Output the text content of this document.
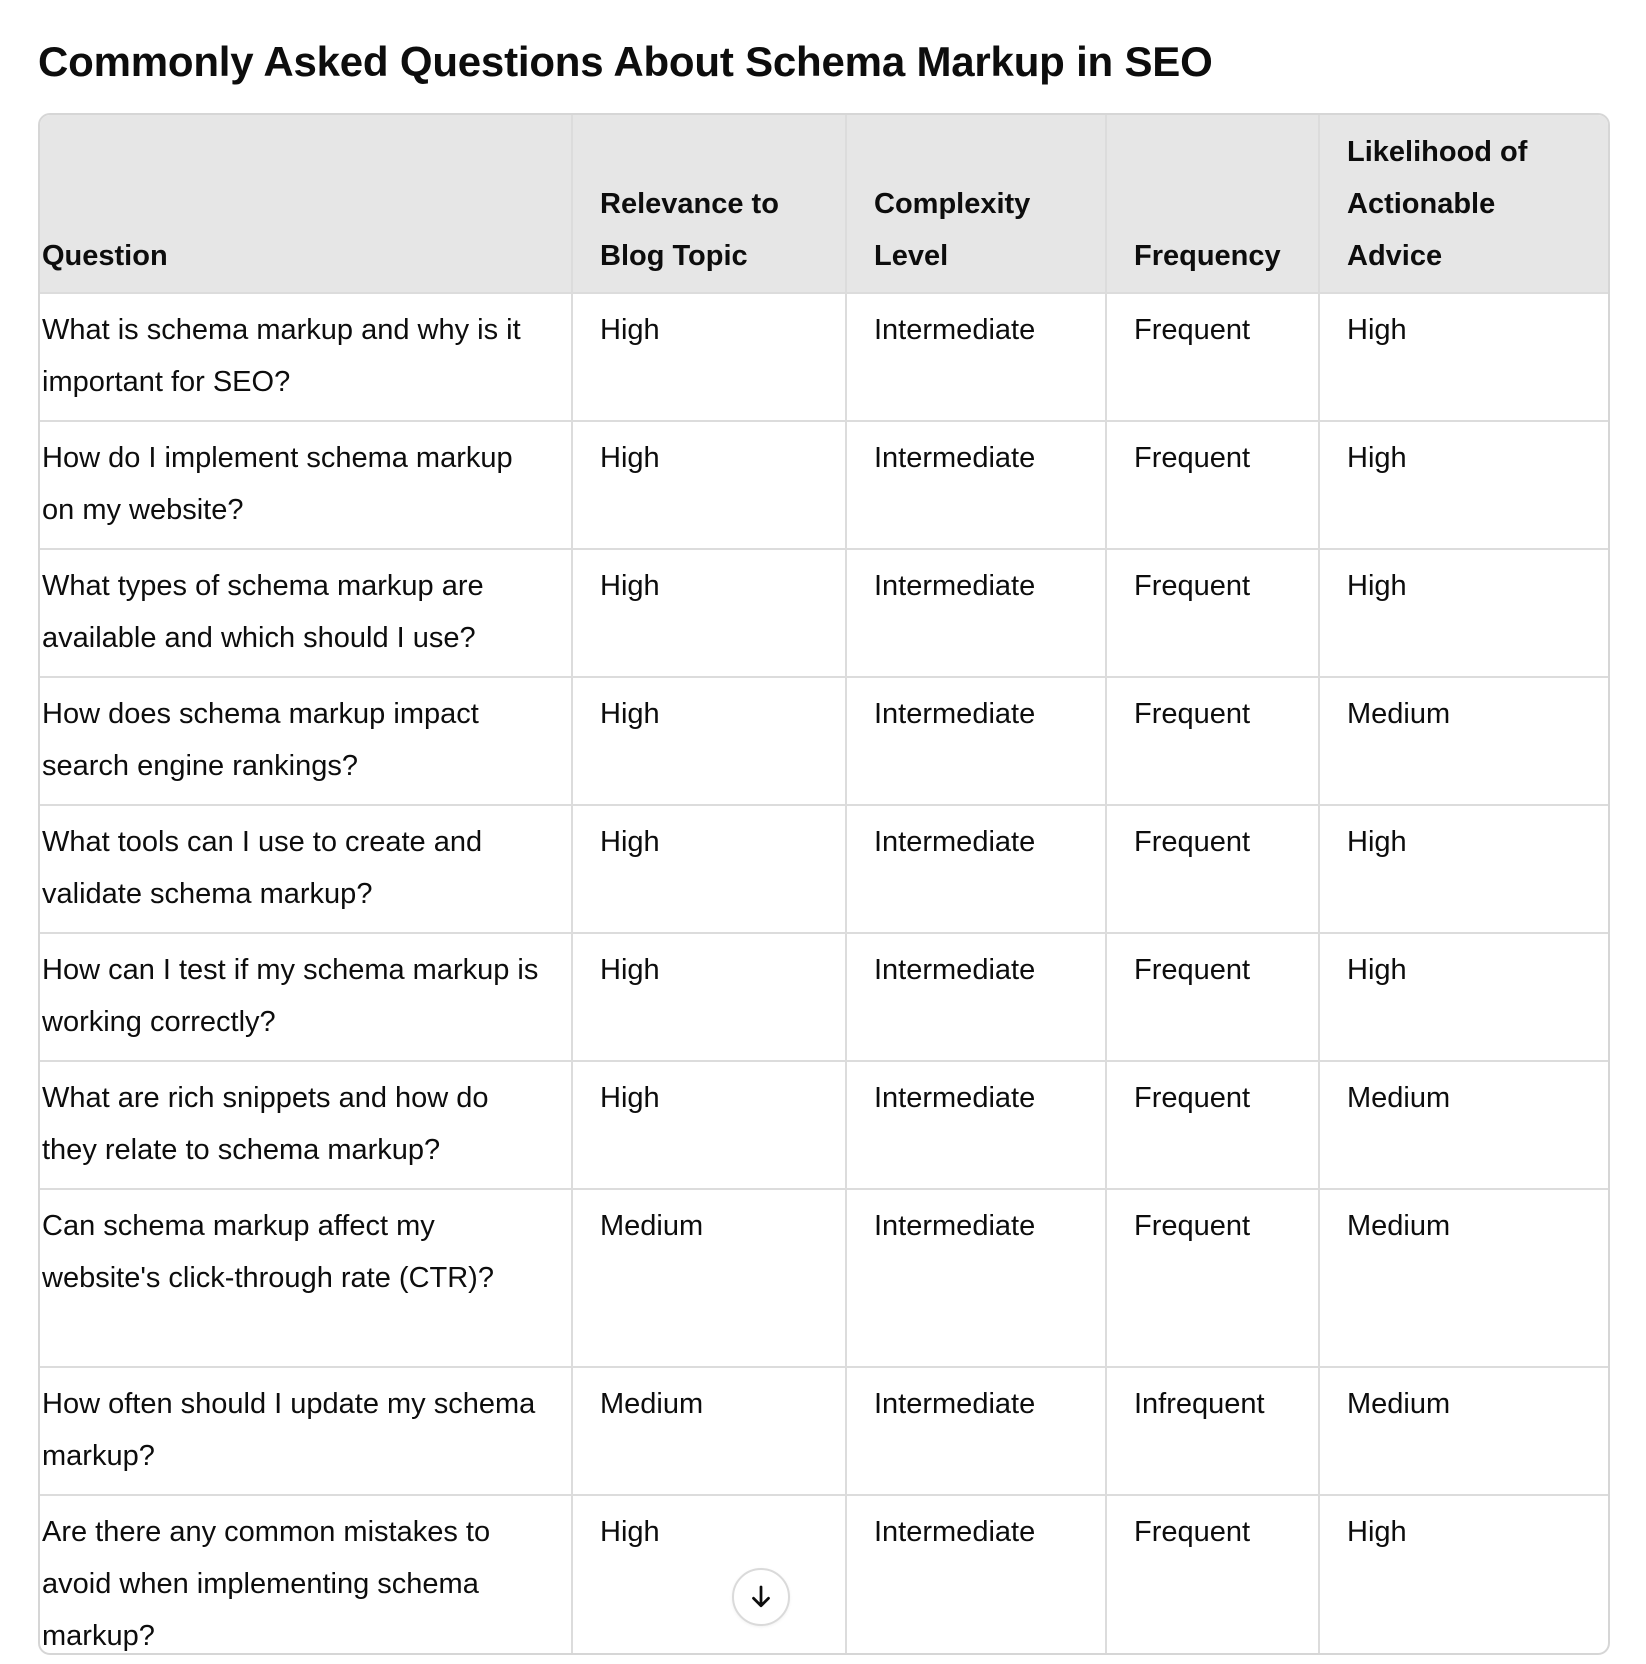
Commonly Asked Questions About Schema Markup in SEO
Question	Relevance to Blog Topic	Complexity Level	Frequency	Likelihood of Actionable Advice
What is schema markup and why is it important for SEO?	High	Intermediate	Frequent	High
How do I implement schema markup on my website?	High	Intermediate	Frequent	High
What types of schema markup are available and which should I use?	High	Intermediate	Frequent	High
How does schema markup impact search engine rankings?	High	Intermediate	Frequent	Medium
What tools can I use to create and validate schema markup?	High	Intermediate	Frequent	High
How can I test if my schema markup is working correctly?	High	Intermediate	Frequent	High
What are rich snippets and how do they relate to schema markup?	High	Intermediate	Frequent	Medium
Can schema markup affect my website's click-through rate (CTR)?	Medium	Intermediate	Frequent	Medium
How often should I update my schema markup?	Medium	Intermediate	Infrequent	Medium
Are there any common mistakes to avoid when implementing schema markup?	High	Intermediate	Frequent	High
